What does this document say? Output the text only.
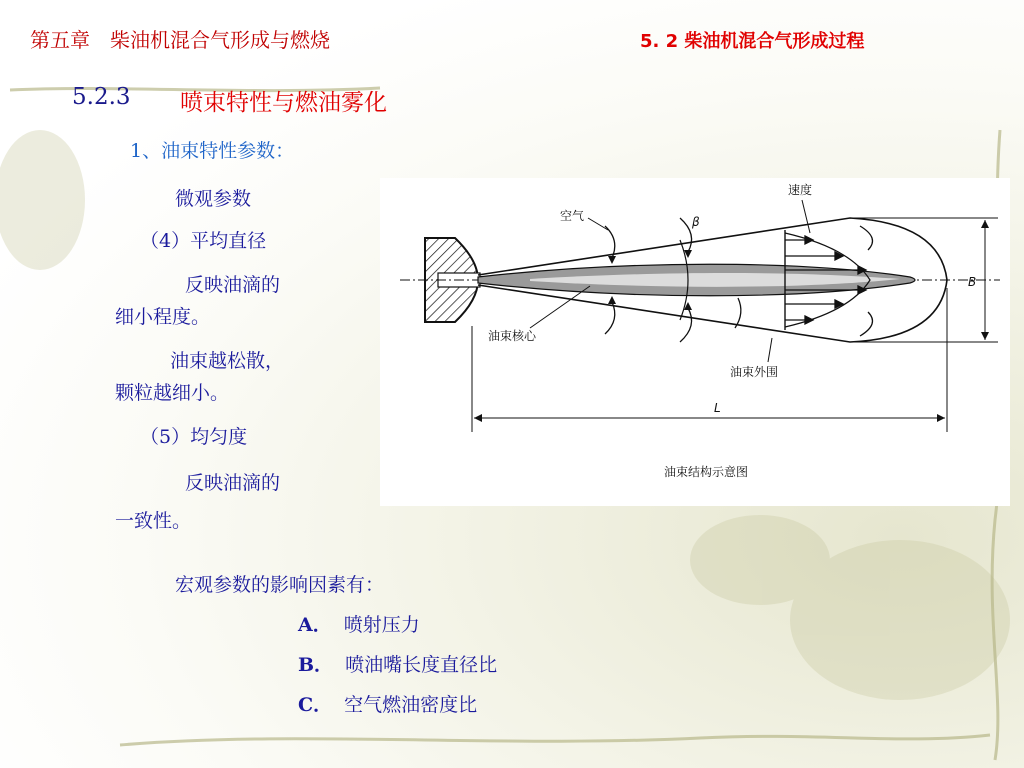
第五章　柴油机混合气形成与燃烧	5. 2 柴油机混合气形成过程
5.2.3 喷束特性与燃油雾化
1、油束特性参数：
微观参数
（4）平均直径
反映油滴的
细小程度。
油束越松散，
颗粒越细小。
（5）均匀度
反映油滴的
一致性。
宏观参数的影响因素有：
A． 喷射压力
B． 喷油嘴长度直径比
C． 空气燃油密度比
β
空气
速度
油束核心
油束外围
B
L
油束结构示意图
